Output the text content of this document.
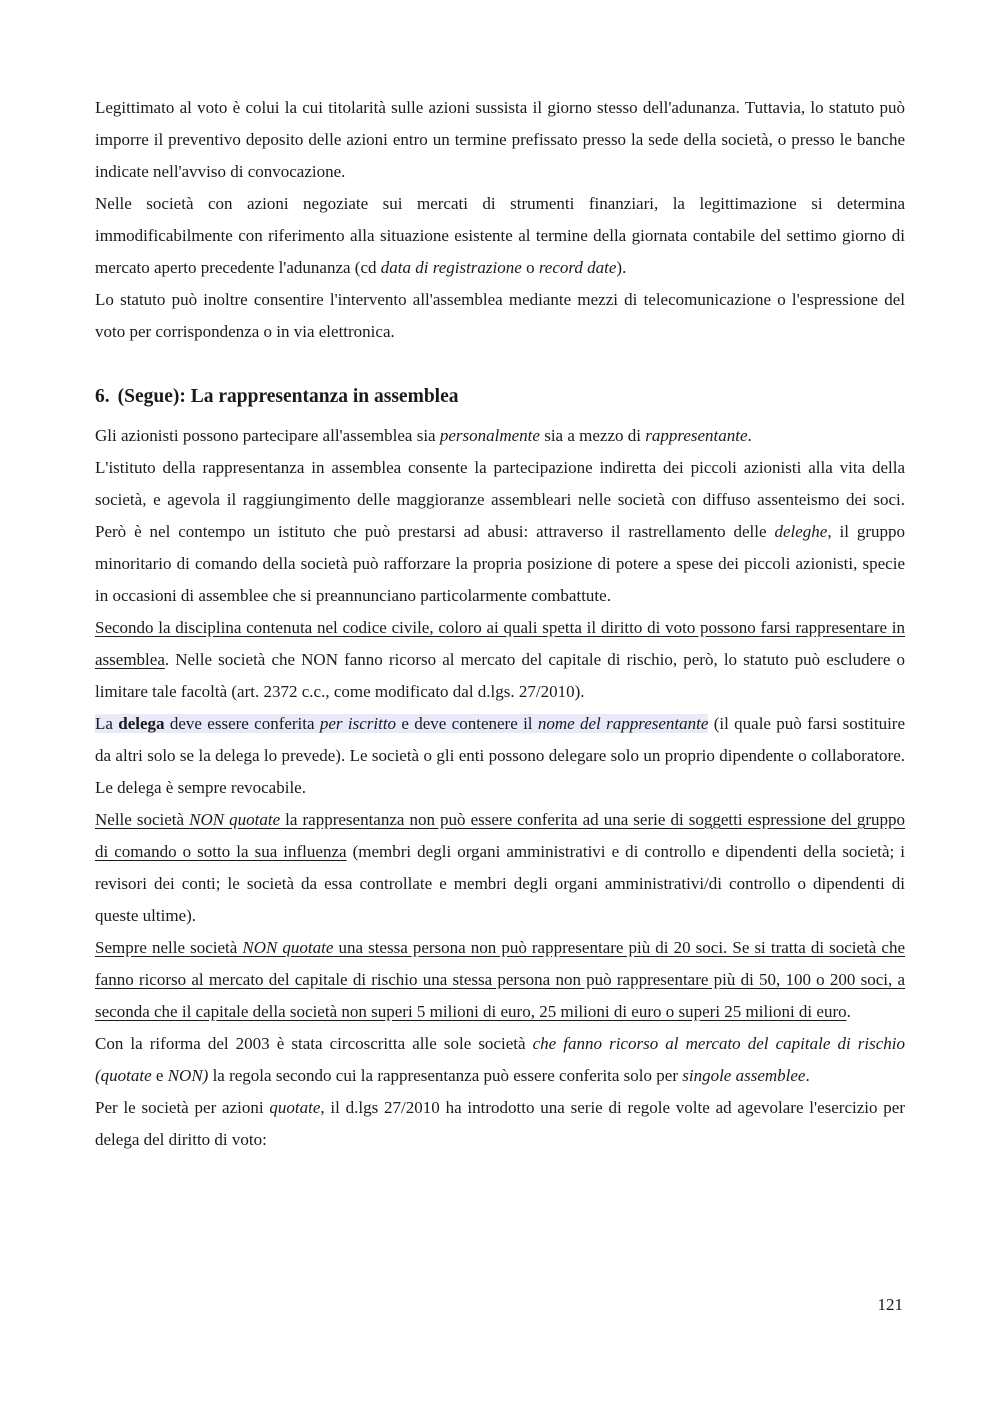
Legittimato al voto è colui la cui titolarità sulle azioni sussista il giorno stesso dell'adunanza. Tuttavia, lo statuto può imporre il preventivo deposito delle azioni entro un termine prefissato presso la sede della società, o presso le banche indicate nell'avviso di convocazione.

Nelle società con azioni negoziate sui mercati di strumenti finanziari, la legittimazione si determina immodificabilmente con riferimento alla situazione esistente al termine della giornata contabile del settimo giorno di mercato aperto precedente l'adunanza (cd data di registrazione o record date).

Lo statuto può inoltre consentire l'intervento all'assemblea mediante mezzi di telecomunicazione o l'espressione del voto per corrispondenza o in via elettronica.

6. (Segue): La rappresentanza in assemblea

Gli azionisti possono partecipare all'assemblea sia personalmente sia a mezzo di rappresentante.

L'istituto della rappresentanza in assemblea consente la partecipazione indiretta dei piccoli azionisti alla vita della società, e agevola il raggiungimento delle maggioranze assembleari nelle società con diffuso assenteismo dei soci. Però è nel contempo un istituto che può prestarsi ad abusi: attraverso il rastrellamento delle deleghe, il gruppo minoritario di comando della società può rafforzare la propria posizione di potere a spese dei piccoli azionisti, specie in occasioni di assemblee che si preannunciano particolarmente combattute.

Secondo la disciplina contenuta nel codice civile, coloro ai quali spetta il diritto di voto possono farsi rappresentare in assemblea. Nelle società che NON fanno ricorso al mercato del capitale di rischio, però, lo statuto può escludere o limitare tale facoltà (art. 2372 c.c., come modificato dal d.lgs. 27/2010).

La delega deve essere conferita per iscritto e deve contenere il nome del rappresentante (il quale può farsi sostituire da altri solo se la delega lo prevede). Le società o gli enti possono delegare solo un proprio dipendente o collaboratore. Le delega è sempre revocabile.

Nelle società NON quotate la rappresentanza non può essere conferita ad una serie di soggetti espressione del gruppo di comando o sotto la sua influenza (membri degli organi amministrativi e di controllo e dipendenti della società; i revisori dei conti; le società da essa controllate e membri degli organi amministrativi/di controllo o dipendenti di queste ultime).

Sempre nelle società NON quotate una stessa persona non può rappresentare più di 20 soci. Se si tratta di società che fanno ricorso al mercato del capitale di rischio una stessa persona non può rappresentare più di 50, 100 o 200 soci, a seconda che il capitale della società non superi 5 milioni di euro, 25 milioni di euro o superi 25 milioni di euro.

Con la riforma del 2003 è stata circoscritta alle sole società che fanno ricorso al mercato del capitale di rischio (quotate e NON) la regola secondo cui la rappresentanza può essere conferita solo per singole assemblee.

Per le società per azioni quotate, il d.lgs 27/2010 ha introdotto una serie di regole volte ad agevolare l'esercizio per delega del diritto di voto:

121
